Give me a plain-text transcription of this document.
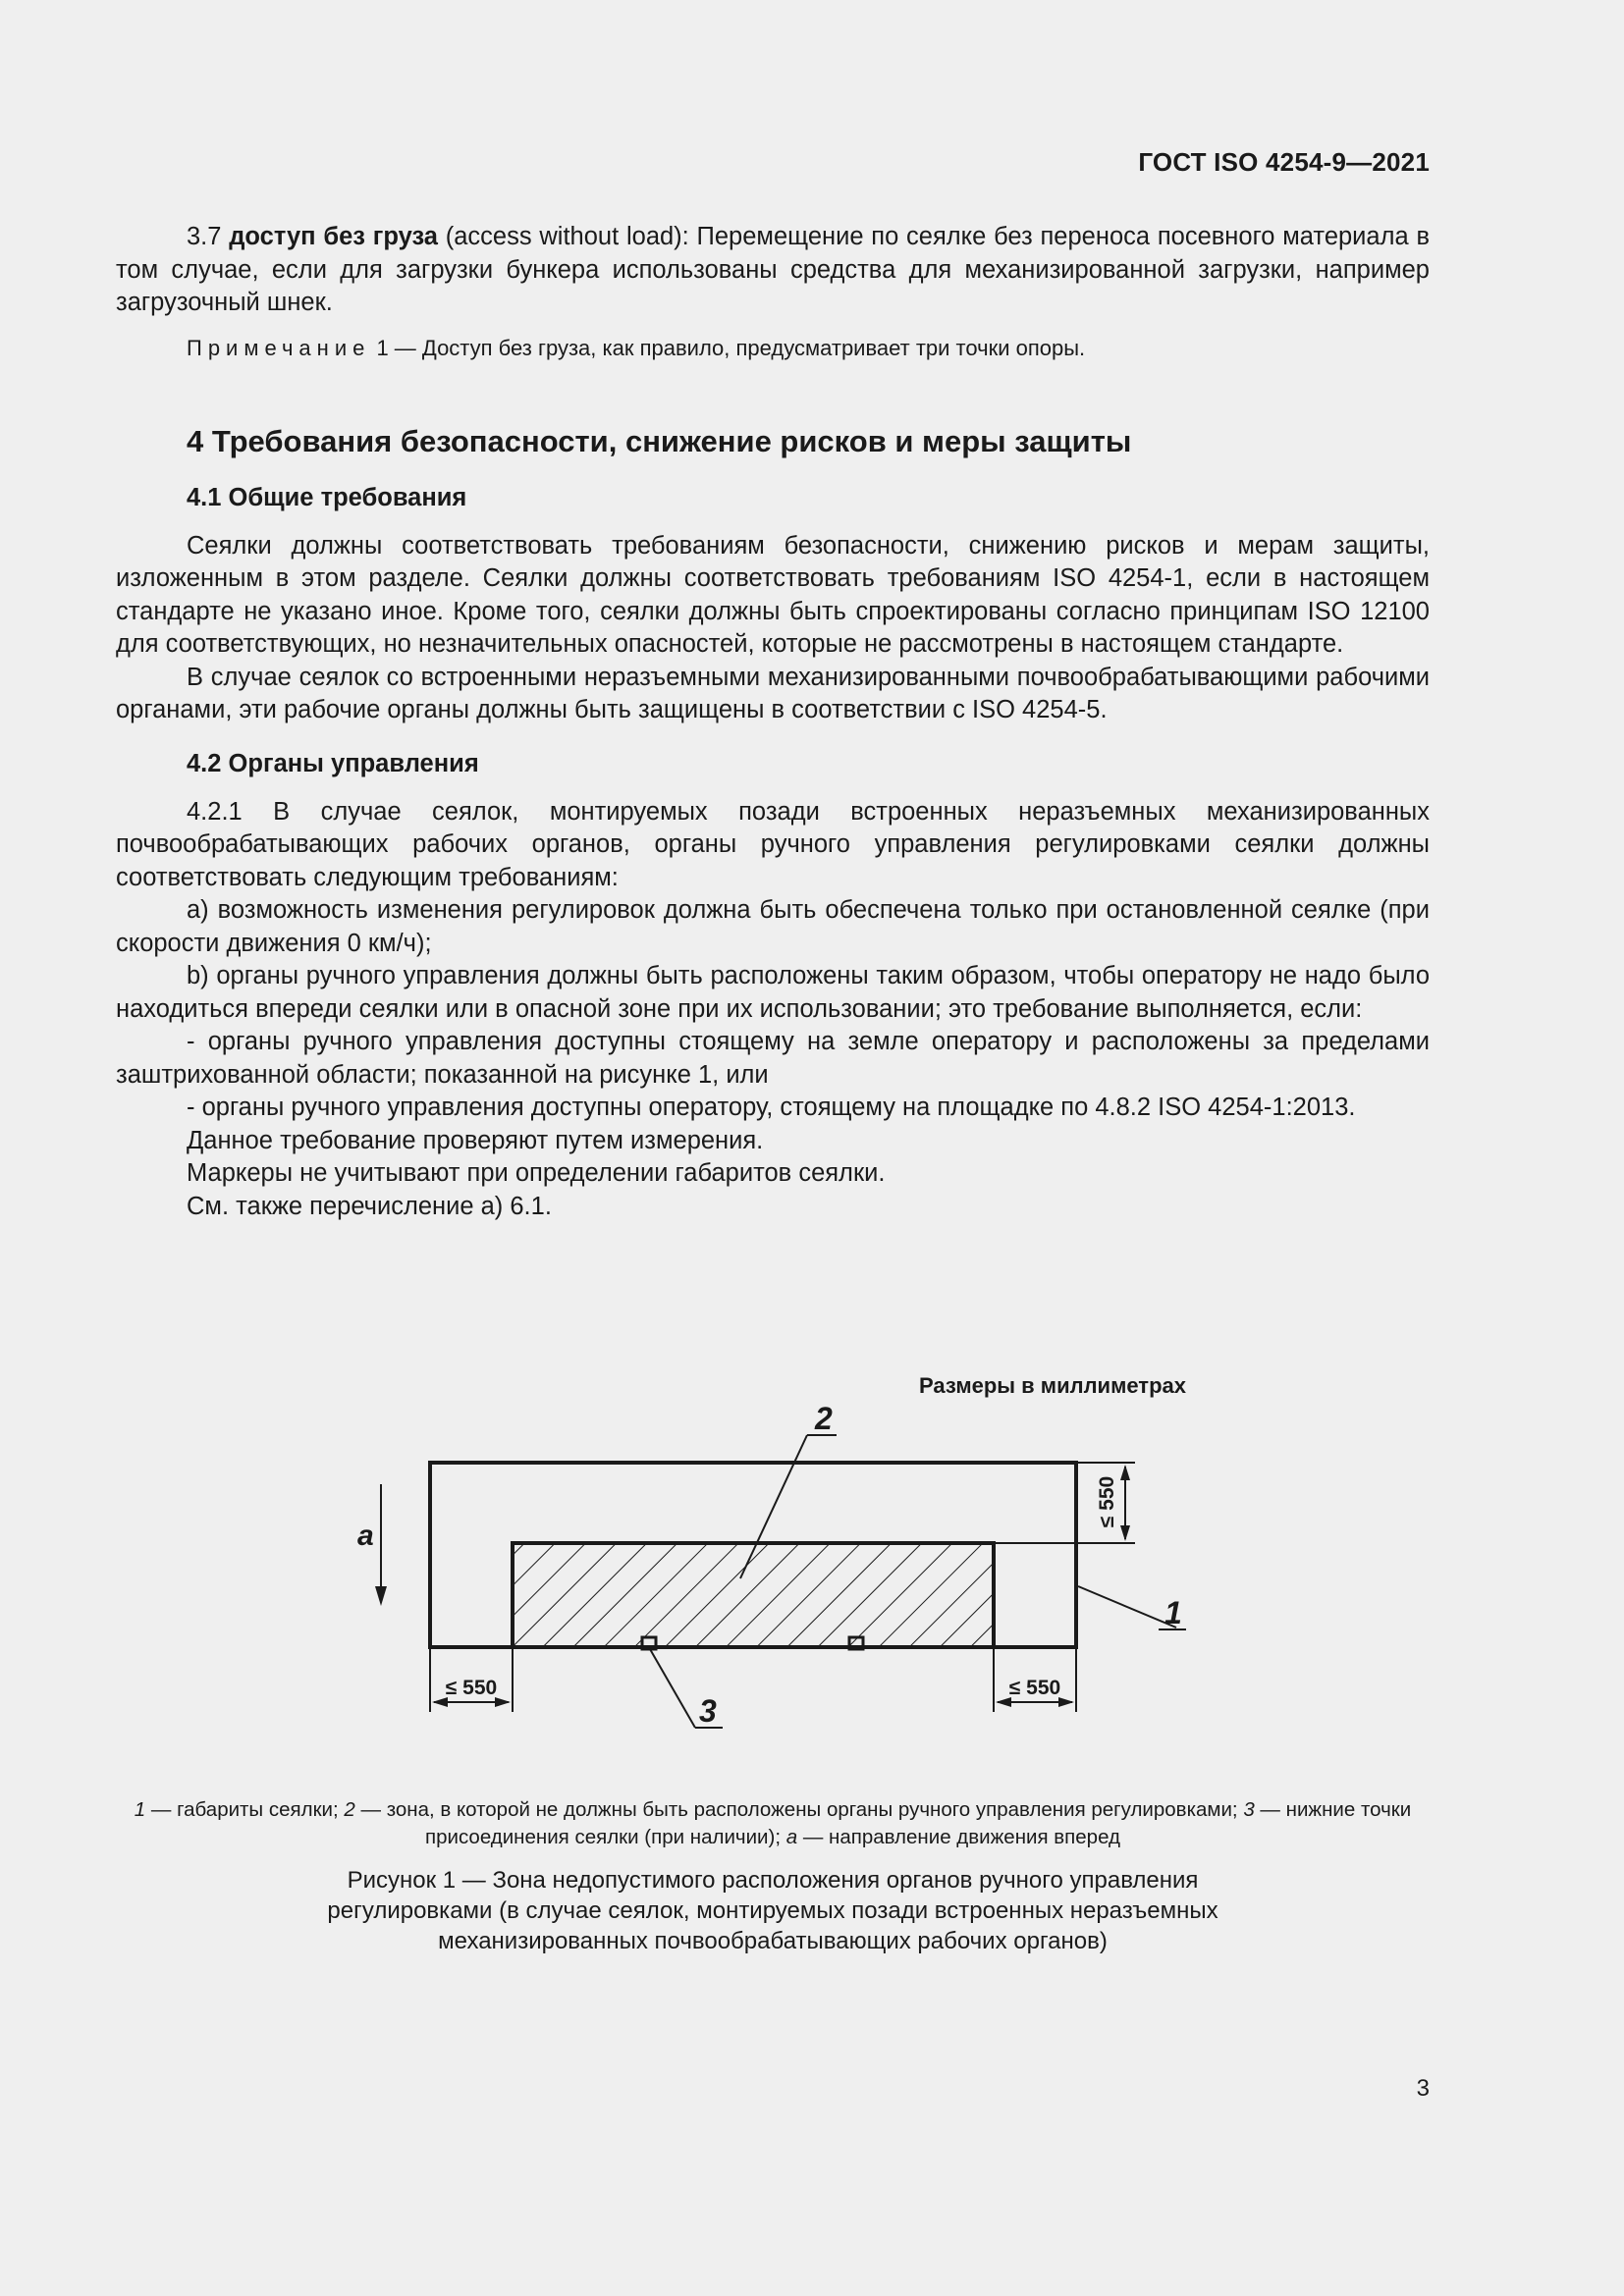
ГОСТ ISO 4254-9—2021

3.7 доступ без груза (access without load): Перемещение по сеялке без переноса посевного материала в том случае, если для загрузки бункера использованы средства для механизированной загрузки, например загрузочный шнек.

Примечание 1 — Доступ без груза, как правило, предусматривает три точки опоры.

4 Требования безопасности, снижение рисков и меры защиты
4.1 Общие требования

Сеялки должны соответствовать требованиям безопасности, снижению рисков и мерам защиты, изложенным в этом разделе. Сеялки должны соответствовать требованиям ISO 4254-1, если в настоящем стандарте не указано иное. Кроме того, сеялки должны быть спроектированы согласно принципам ISO 12100 для соответствующих, но незначительных опасностей, которые не рассмотрены в настоящем стандарте.

В случае сеялок со встроенными неразъемными механизированными почвообрабатывающими рабочими органами, эти рабочие органы должны быть защищены в соответствии с ISO 4254-5.

4.2 Органы управления

4.2.1 В случае сеялок, монтируемых позади встроенных неразъемных механизированных почвообрабатывающих рабочих органов, органы ручного управления регулировками сеялки должны соответствовать следующим требованиям:

a) возможность изменения регулировок должна быть обеспечена только при остановленной сеялке (при скорости движения 0 км/ч);

b) органы ручного управления должны быть расположены таким образом, чтобы оператору не надо было находиться впереди сеялки или в опасной зоне при их использовании; это требование выполняется, если:

- органы ручного управления доступны стоящему на земле оператору и расположены за пределами заштрихованной области; показанной на рисунке 1, или

- органы ручного управления доступны оператору, стоящему на площадке по 4.8.2 ISO 4254-1:2013.

Данное требование проверяют путем измерения.

Маркеры не учитывают при определении габаритов сеялки.

См. также перечисление а) 6.1.

Размеры в миллиметрах
≤ 550
≤ 550	≤ 550
a
1
2
3
1 — габариты сеялки; 2 — зона, в которой не должны быть расположены органы ручного управления регулировками; 3 — нижние точки присоединения сеялки (при наличии); a — направление движения вперед
Рисунок 1 — Зона недопустимого расположения органов ручного управления
регулировками (в случае сеялок, монтируемых позади встроенных неразъемных
механизированных почвообрабатывающих рабочих органов)
3
